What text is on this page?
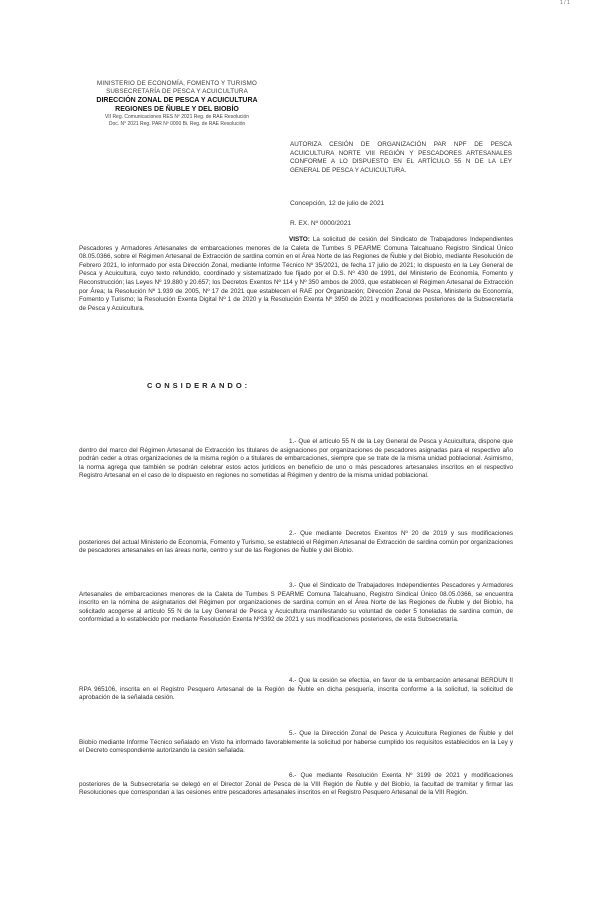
1 / 1
MINISTERIO DE ECONOMÍA, FOMENTO Y TURISMO
SUBSECRETARÍA DE PESCA Y ACUICULTURA
DIRECCIÓN ZONAL DE PESCA Y ACUICULTURA
REGIONES DE ÑUBLE Y DEL BIOBÍO
VII Reg. Comunicaciones RES Nº 2021 Reg. de RAE Resolución
Doc. N° 2021 Reg. PAR Nº 0000 Bi. Reg. de RAE Resolución
AUTORIZA CESIÓN DE ORGANIZACIÓN PAR NPF DE PESCA ACUICULTURA NORTE VIII REGIÓN Y PESCADORES ARTESANALES CONFORME A LO DISPUESTO EN EL ARTÍCULO 55 N DE LA LEY GENERAL DE PESCA Y ACUICULTURA.
Concepción, 12 de julio de 2021
R. EX. Nº 0000/2021
VISTO: La solicitud de cesión del Sindicato de Trabajadores Independientes Pescadores y Armadores Artesanales de embarcaciones menores de la Caleta de Tumbes S PEARME Comuna Talcahuano Registro Sindical Único 08.05.0366, sobre el Régimen Artesanal de Extracción de sardina común en el Área Norte de las Regiones de Ñuble y del Biobío, mediante Resolución de Febrero 2021, lo informado por esta Dirección Zonal, mediante Informe Técnico Nº 35/2021, de fecha 17 julio de 2021; lo dispuesto en la Ley General de Pesca y Acuicultura, cuyo texto refundido, coordinado y sistematizado fue fijado por el D.S. Nº 430 de 1991, del Ministerio de Economía, Fomento y Reconstrucción; las Leyes Nº 19.880 y 20.657; los Decretos Exentos Nº 114 y Nº 350 ambos de 2003, que establecen el Régimen Artesanal de Extracción por Área; la Resolución Nº 1.939 de 2005, Nº 17 de 2021 que establecen el RAE por Organización; Dirección Zonal de Pesca, Ministerio de Economía, Fomento y Turismo; la Resolución Exenta Digital Nº 1 de 2020 y la Resolución Exenta Nº 3950 de 2021 y modificaciones posteriores de la Subsecretaría de Pesca y Acuicultura.
CONSIDERANDO:
1.- Que el artículo 55 N de la Ley General de Pesca y Acuicultura, dispone que dentro del marco del Régimen Artesanal de Extracción los titulares de asignaciones por organizaciones de pescadores asignadas para el respectivo año podrán ceder a otras organizaciones de la misma región o a titulares de embarcaciones, siempre que se trate de la misma unidad poblacional. Asimismo, la norma agrega que también se podrán celebrar estos actos jurídicos en beneficio de uno o más pescadores artesanales inscritos en el respectivo Registro Artesanal en el caso de lo dispuesto en regiones no sometidas al Régimen y dentro de la misma unidad poblacional.
2.- Que mediante Decretos Exentos Nº 20 de 2019 y sus modificaciones posteriores del actual Ministerio de Economía, Fomento y Turismo, se estableció el Régimen Artesanal de Extracción de sardina común por organizaciones de pescadores artesanales en las áreas norte, centro y sur de las Regiones de Ñuble y del Biobío.
3.- Que el Sindicato de Trabajadores Independientes Pescadores y Armadores Artesanales de embarcaciones menores de la Caleta de Tumbes S PEARME Comuna Talcahuano, Registro Sindical Único 08.05.0366, se encuentra inscrito en la nómina de asignatarios del Régimen por organizaciones de sardina común en el Área Norte de las Regiones de Ñuble y del Biobío, ha solicitado acogerse al artículo 55 N de la Ley General de Pesca y Acuicultura manifestando su voluntad de ceder 5 toneladas de sardina común, de conformidad a lo establecido por mediante Resolución Exenta Nº3392 de 2021 y sus modificaciones posteriores, de esta Subsecretaría.
4.- Que la cesión se efectúa, en favor de la embarcación artesanal BERDUN II RPA 965106, inscrita en el Registro Pesquero Artesanal de la Región de Ñuble en dicha pesquería, inscrita conforme a la solicitud, la solicitud de aprobación de la señalada cesión.
5.- Que la Dirección Zonal de Pesca y Acuicultura Regiones de Ñuble y del Biobío mediante Informe Técnico señalado en Visto ha informado favorablemente la solicitud por haberse cumplido los requisitos establecidos en la Ley y el Decreto correspondiente autorizando la cesión señalada.
6.- Que mediante Resolución Exenta Nº 3199 de 2021 y modificaciones posteriores de la Subsecretaría se delegó en el Director Zonal de Pesca de la VIII Región de Ñuble y del Biobío, la facultad de tramitar y firmar las Resoluciones que correspondan a las cesiones entre pescadores artesanales inscritos en el Registro Pesquero Artesanal de la VIII Región.
